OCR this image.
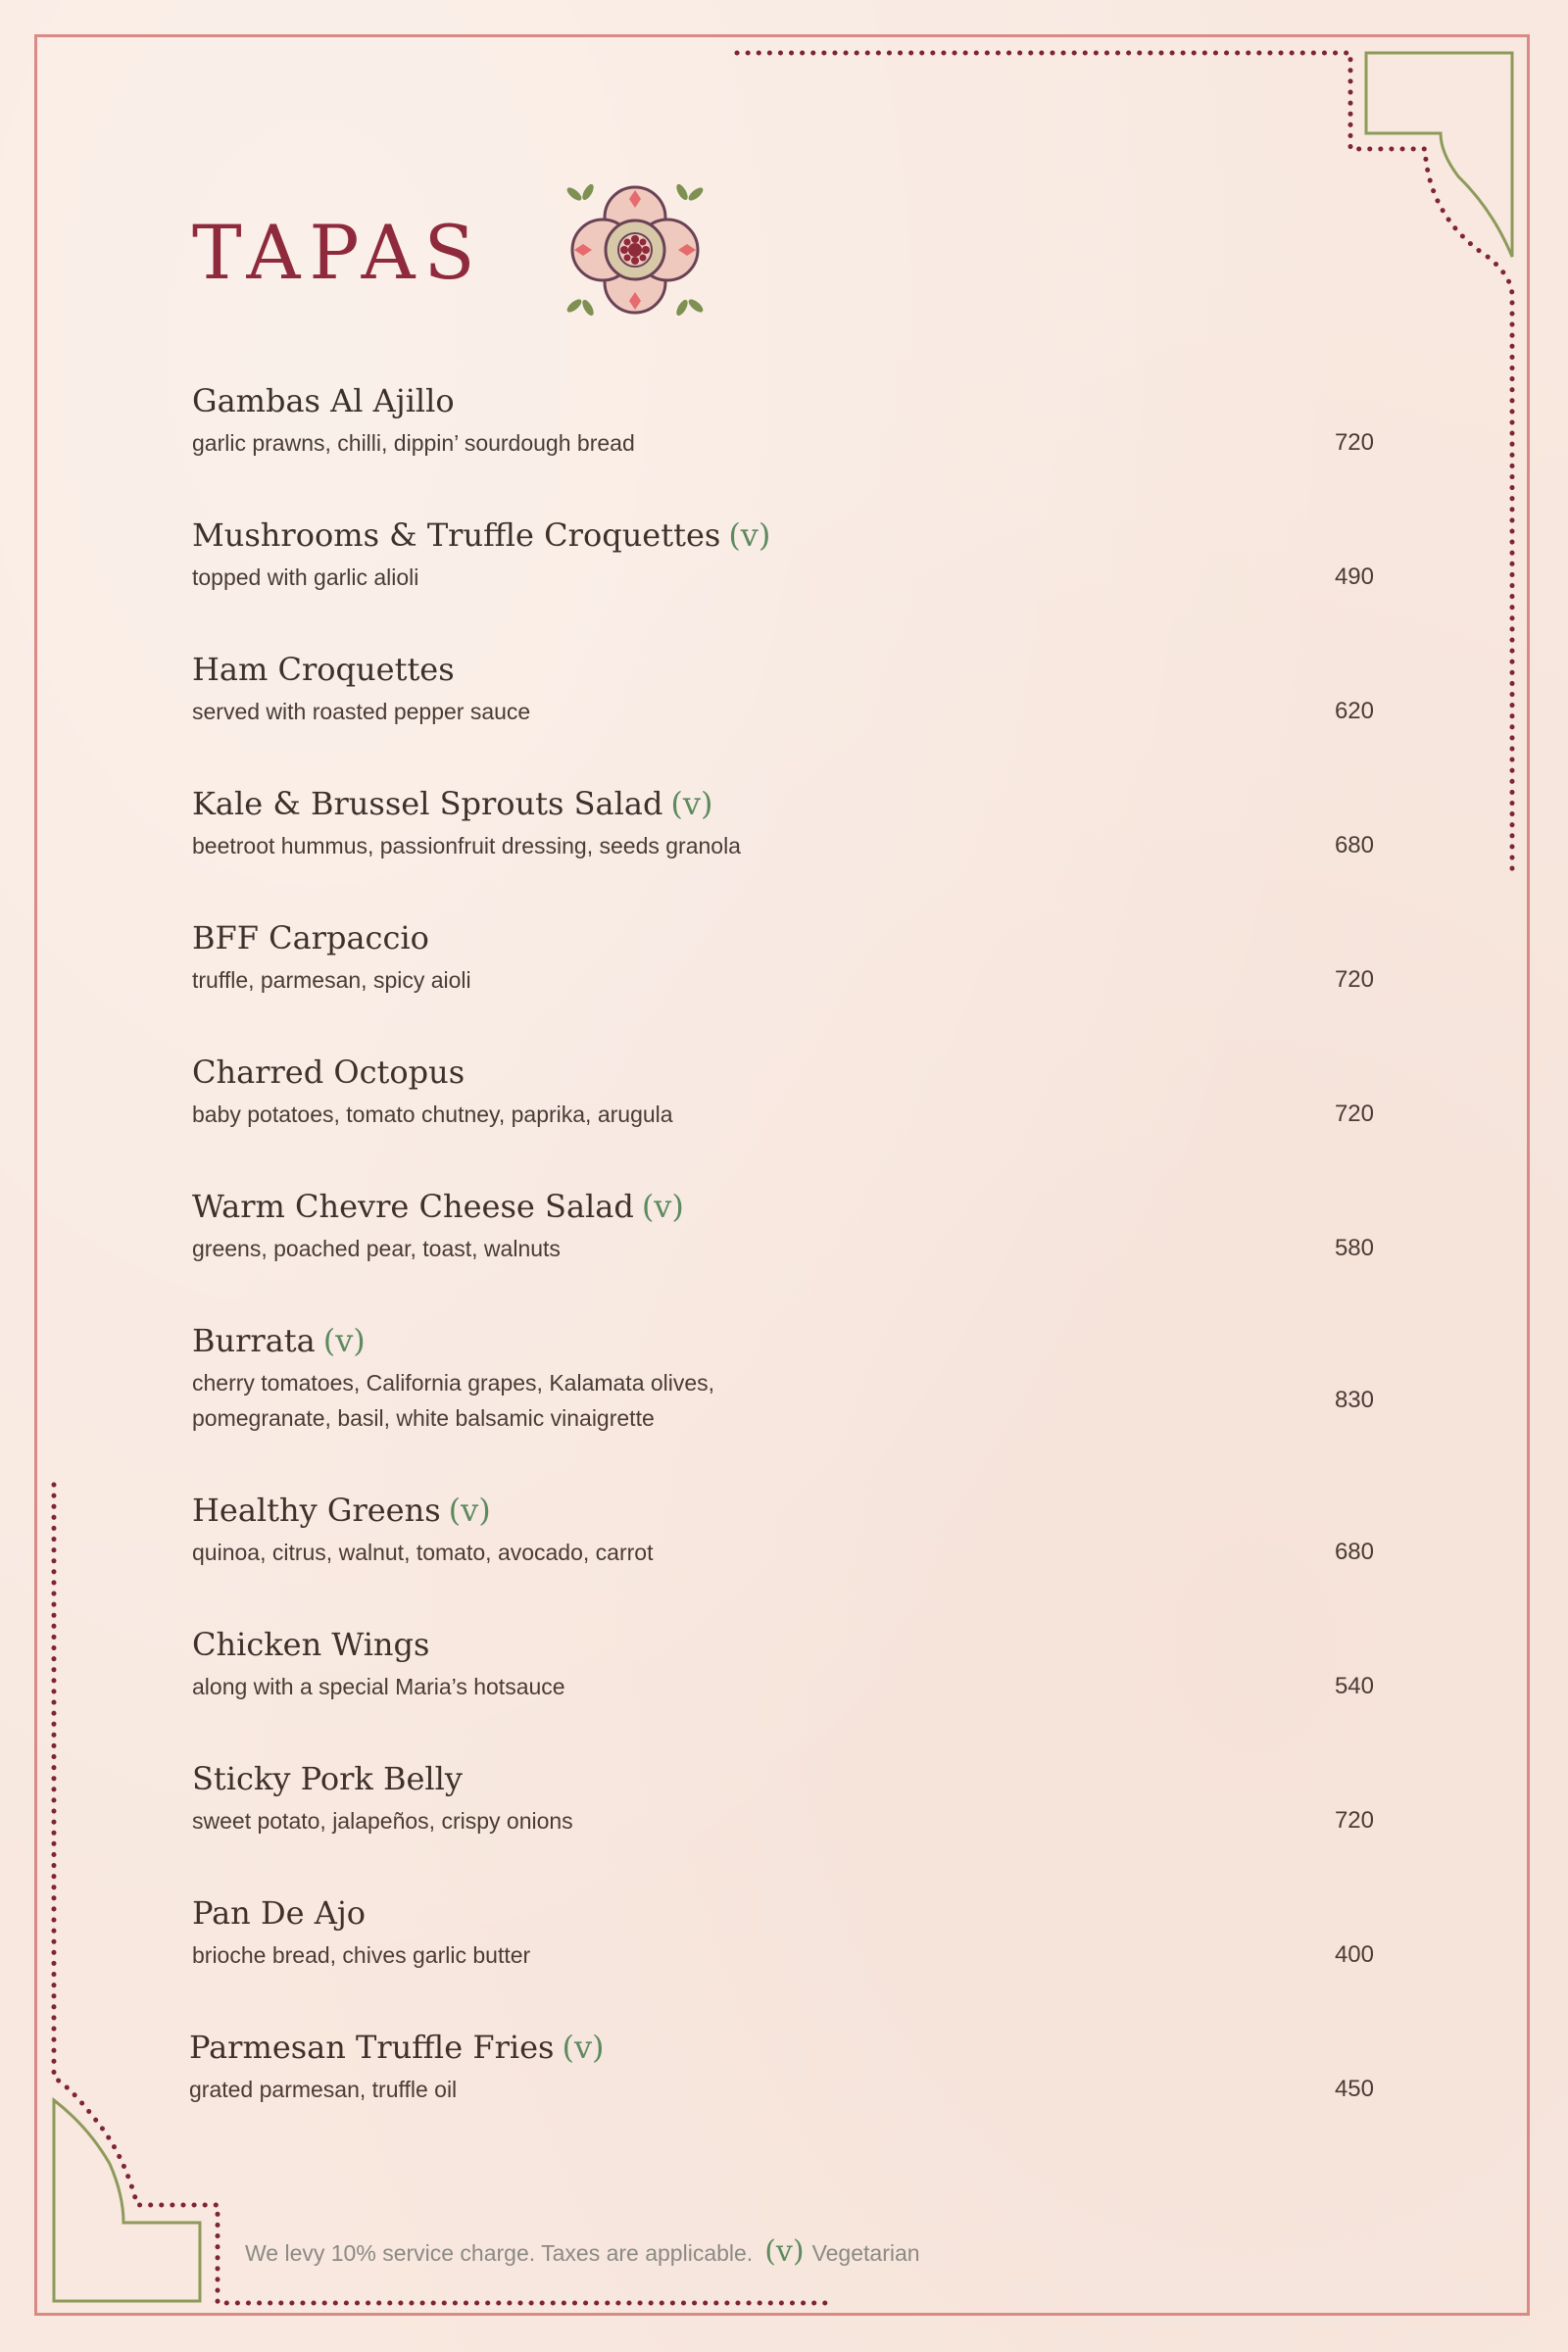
TAPAS
Gambas Al Ajillo
garlic prawns, chilli, dippin’ sourdough bread	720
Mushrooms & Truffle Croquettes (v)
topped with garlic alioli	490
Ham Croquettes
served with roasted pepper sauce	620
Kale & Brussel Sprouts Salad (v)
beetroot hummus, passionfruit dressing, seeds granola	680
BFF Carpaccio
truffle, parmesan, spicy aioli	720
Charred Octopus
baby potatoes, tomato chutney, paprika, arugula	720
Warm Chevre Cheese Salad (v)
greens, poached pear, toast, walnuts	580
Burrata (v)
cherry tomatoes, California grapes, Kalamata olives,
pomegranate, basil, white balsamic vinaigrette
830
Healthy Greens (v)
quinoa, citrus, walnut, tomato, avocado, carrot	680
Chicken Wings
along with a special Maria’s hotsauce	540
Sticky Pork Belly
sweet potato, jalapeños, crispy onions	720
Pan De Ajo
brioche bread, chives garlic butter	400
Parmesan Truffle Fries (v)
grated parmesan, truffle oil	450
We levy 10% service charge. Taxes are applicable. (v) Vegetarian
